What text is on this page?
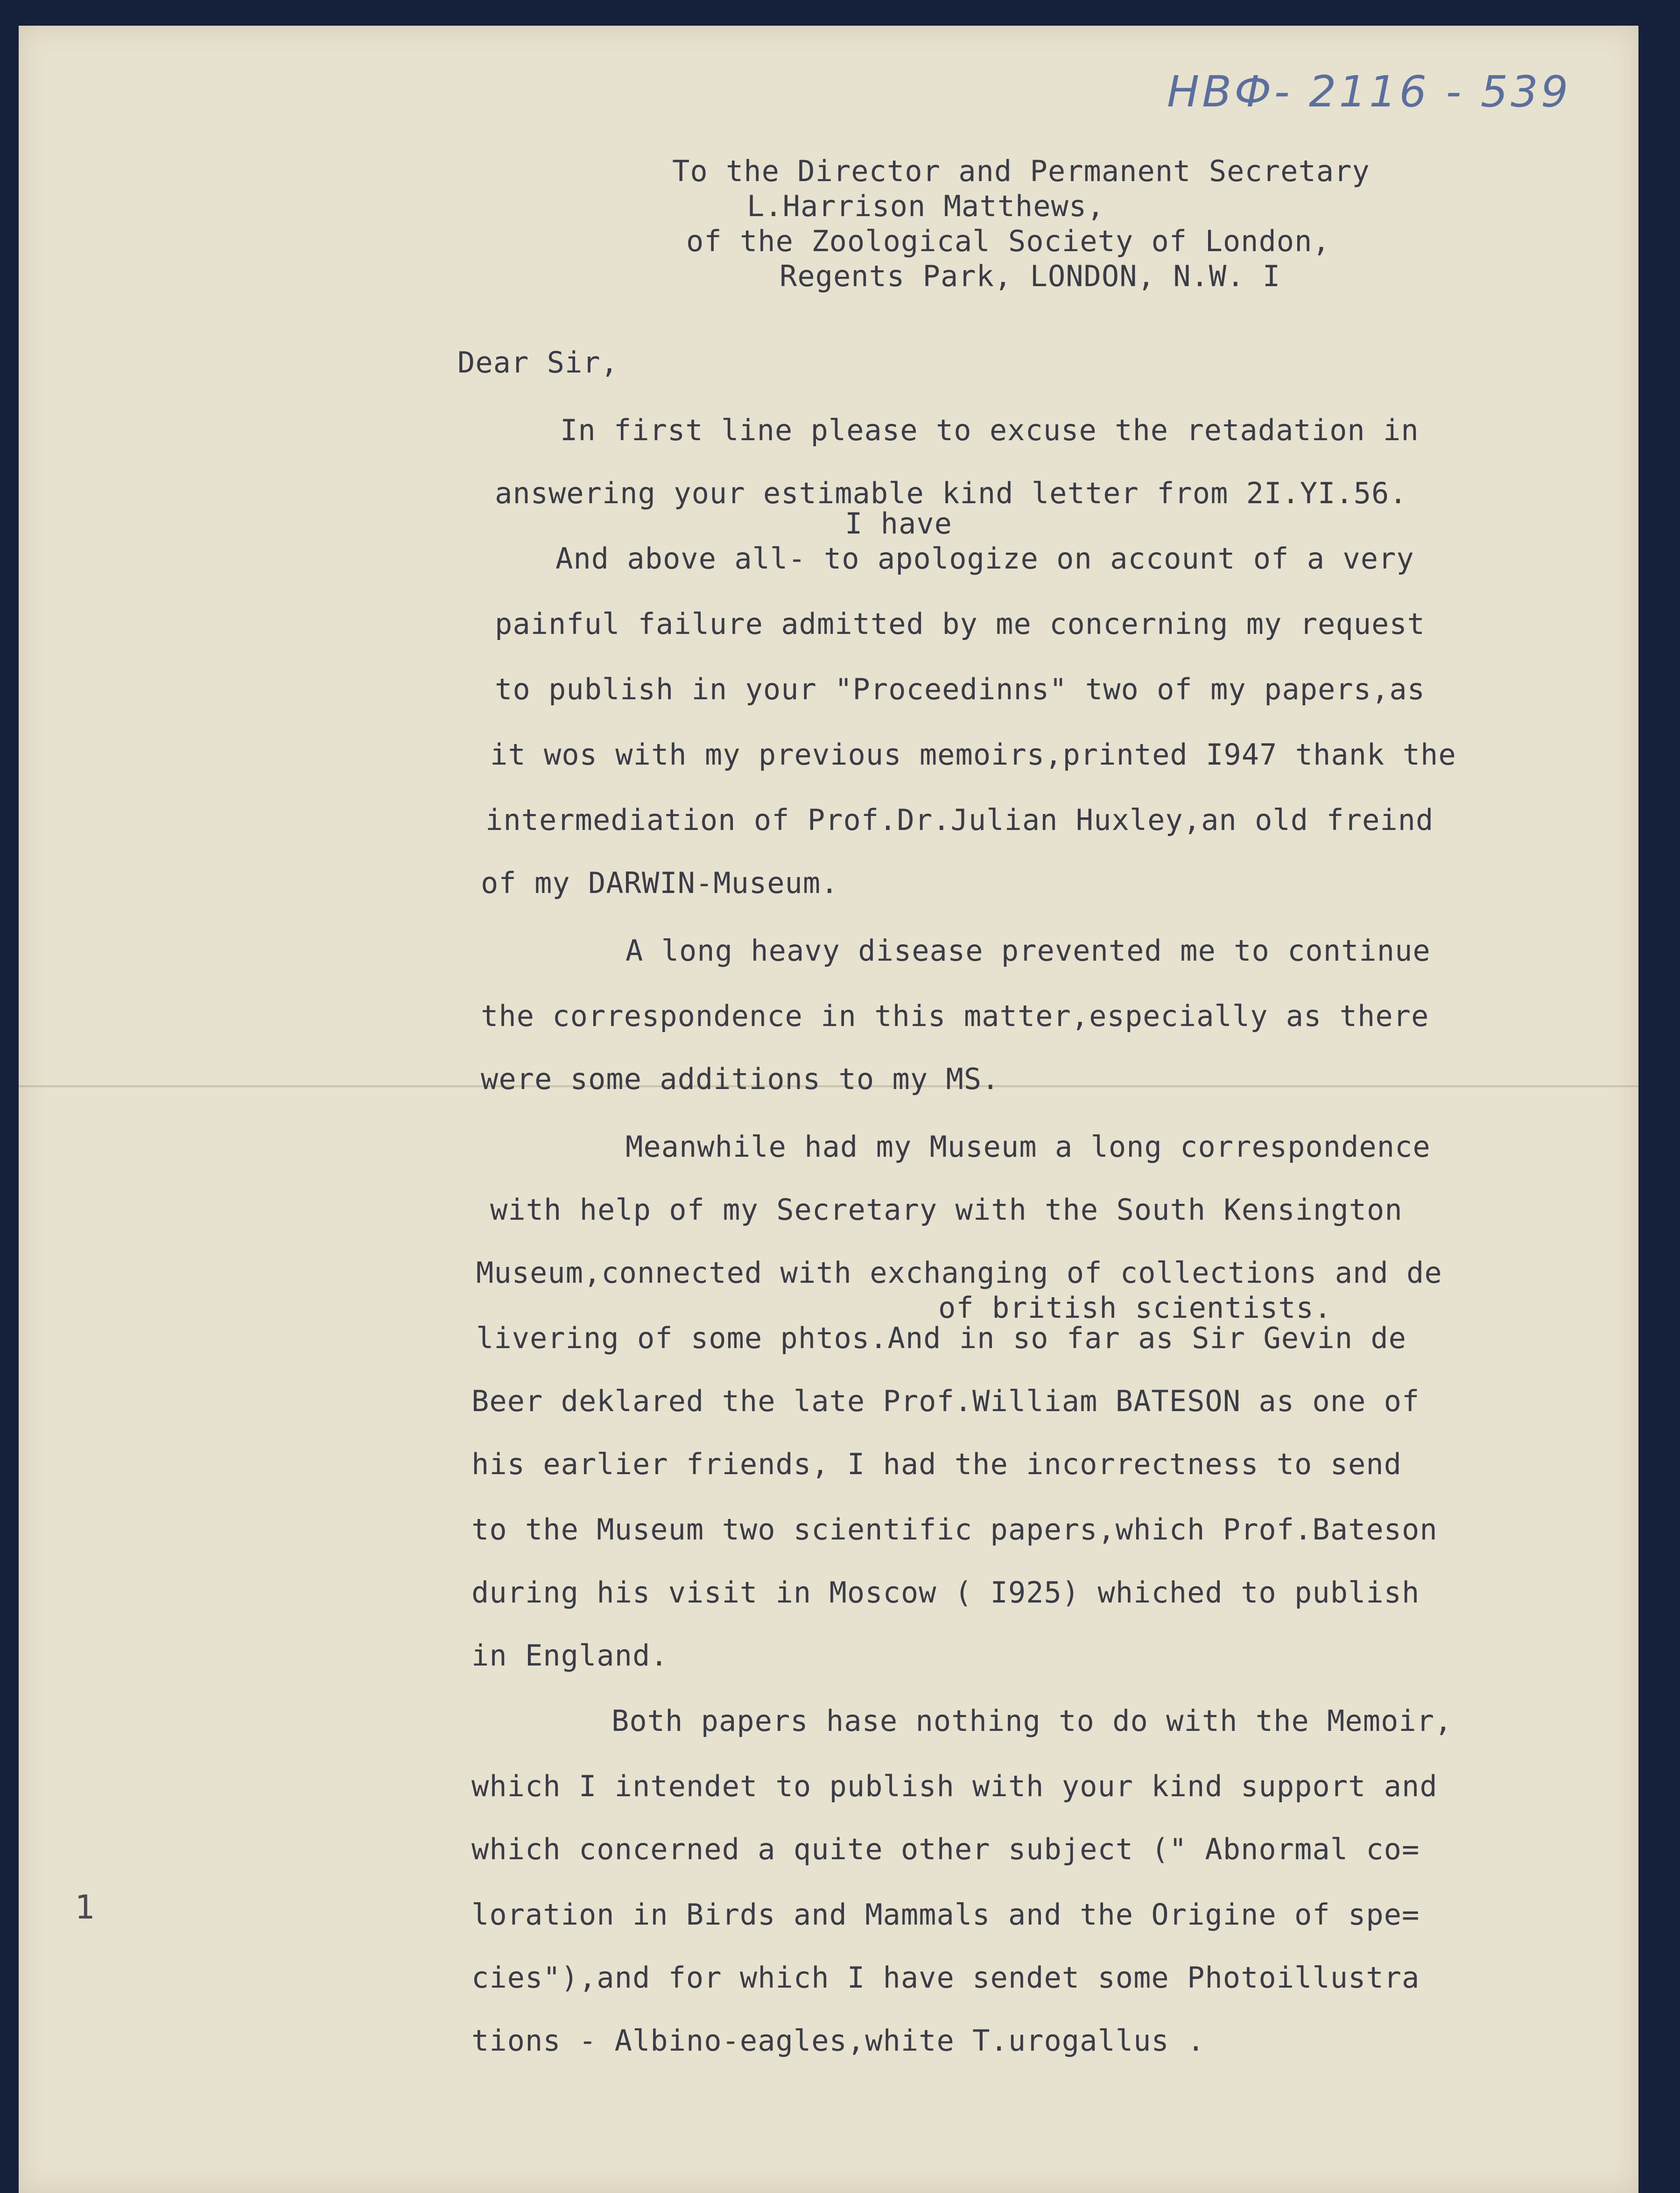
НВФ- 2116 - 539
To the Director and Permanent Secretary
L.Harrison Matthews,
of the Zoological Society of London,
Regents Park, LONDON, N.W. I
Dear Sir,
In first line please to excuse the retadation in
answering your estimable kind letter from 2I.YI.56.
I have
And above all- to apologize on account of a very
painful failure admitted by me concerning my request
to publish in your "Proceedinns" two of my papers,as
it wos with my previous memoirs,printed I947 thank the
intermediation of Prof.Dr.Julian Huxley,an old freind
of my DARWIN-Museum.
A long heavy disease prevented me to continue
the correspondence in this matter,especially as there
were some additions to my MS.
Meanwhile had my Museum a long correspondence
with help of my Secretary with the South Kensington
Museum,connected with exchanging of collections and de
of british scientists.
livering of some phtos.And in so far as Sir Gevin de
Beer deklared the late Prof.William BATESON as one of
his earlier friends, I had the incorrectness to send
to the Museum two scientific papers,which Prof.Bateson
during his visit in Moscow ( I925) whiched to publish
in England.
Both papers hase nothing to do with the Memoir,
which I intendet to publish with your kind support and
which concerned a quite other subject (" Abnormal co=
loration in Birds and Mammals and the Origine of spe=
cies"),and for which I have sendet some Photoillustra
tions - Albino-eagles,white T.urogallus .
1
